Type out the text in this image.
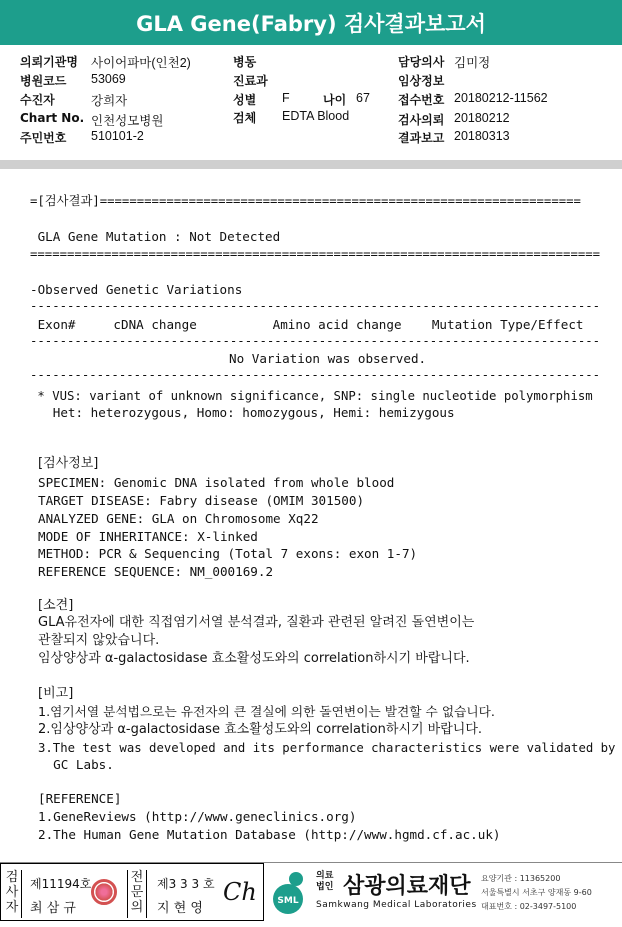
GLA Gene(Fabry) 검사결과보고서
의뢰기관명 사이어파마(인천2)
병원코드 53069
수진자	강희자
Chart No. 인천성모병원
주민번호 510101-2
병동
진료과
성별 F	나이 67
검체 EDTA Blood
담당의사 김미정
임상정보
접수번호 20180212-11562
검사의뢰 20180212
결과보고 20180313
=[검사결과]=================================================================
GLA Gene Mutation : Not Detected
=============================================================================
-Observed Genetic Variations
-----------------------------------------------------------------------------
Exon#     cDNA change          Amino acid change    Mutation Type/Effect
-----------------------------------------------------------------------------
No Variation was observed.
-----------------------------------------------------------------------------
* VUS: variant of unknown significance, SNP: single nucleotide polymorphism
Het: heterozygous, Homo: homozygous, Hemi: hemizygous
[검사정보]
SPECIMEN: Genomic DNA isolated from whole blood
TARGET DISEASE: Fabry disease (OMIM 301500)
ANALYZED GENE: GLA on Chromosome Xq22
MODE OF INHERITANCE: X-linked
METHOD: PCR & Sequencing (Total 7 exons: exon 1-7)
REFERENCE SEQUENCE: NM_000169.2
[소견]
GLA유전자에 대한 직접염기서열 분석결과, 질환과 관련된 알려진 돌연변이는
관찰되지 않았습니다.
임상양상과 α-galactosidase 효소활성도와의 correlation하시기 바랍니다.
[비고]
1.염기서열 분석법으로는 유전자의 큰 결실에 의한 돌연변이는 발견할 수 없습니다.
2.임상양상과 α-galactosidase 효소활성도와의 correlation하시기 바랍니다.
3.The test was developed and its performance characteristics were validated by
GC Labs.
[REFERENCE]
1.GeneReviews (http://www.geneclinics.org)
2.The Human Gene Mutation Database (http://www.hgmd.cf.ac.uk)
검사자
제11194호
최 삼 규
전문의
제3 3 3 호
지 현 영
Ch SML
의료법인 삼광의료재단
Samkwang Medical Laboratories
요양기관 : 11365200
서울특별시 서초구 양재동 9-60
대표번호 : 02-3497-5100
